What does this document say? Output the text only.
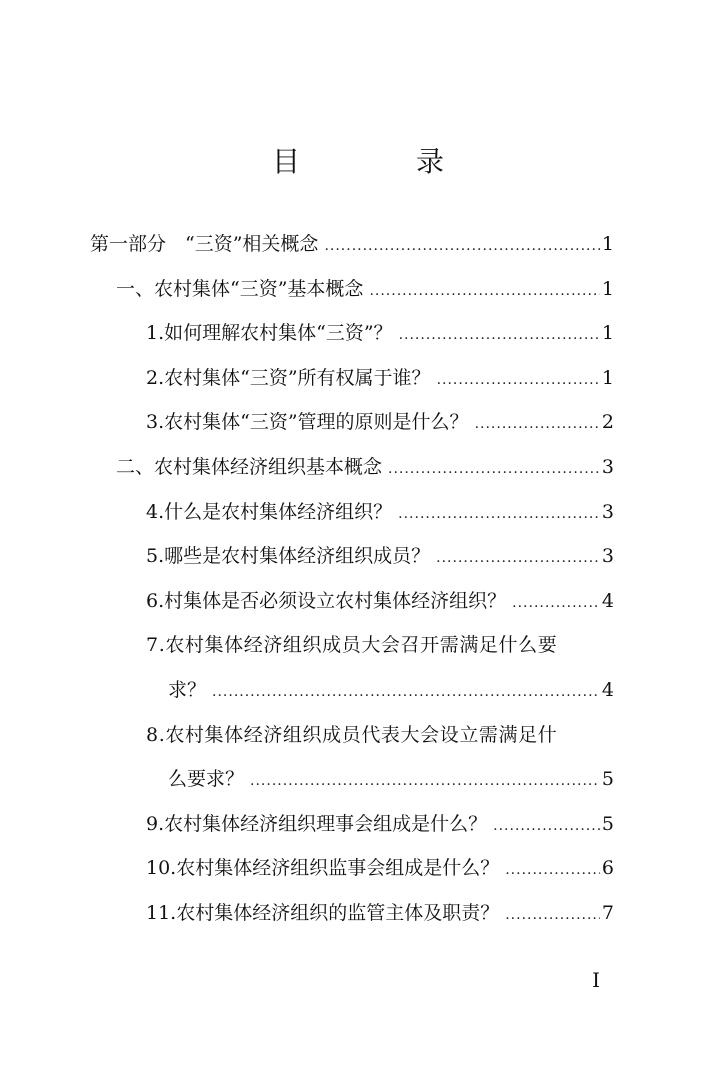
目　录
第一部分　“三资”相关概念 .....	1
一、农村集体“三资”基本概念 .....	1
1.如何理解农村集体“三资”？ .....	1
2.农村集体“三资”所有权属于谁？ .....	1
3.农村集体“三资”管理的原则是什么？ .....	2
二、农村集体经济组织基本概念 .....	3
4.什么是农村集体经济组织？ .....	3
5.哪些是农村集体经济组织成员？ .....	3
6.村集体是否必须设立农村集体经济组织？ .....	4
7.农村集体经济组织成员大会召开需满足什么要
求？ .....	4
8.农村集体经济组织成员代表大会设立需满足什
么要求？ .....	5
9.农村集体经济组织理事会组成是什么？ .....	5
10.农村集体经济组织监事会组成是什么？ .....	6
11.农村集体经济组织的监管主体及职责？ .....	7
I
